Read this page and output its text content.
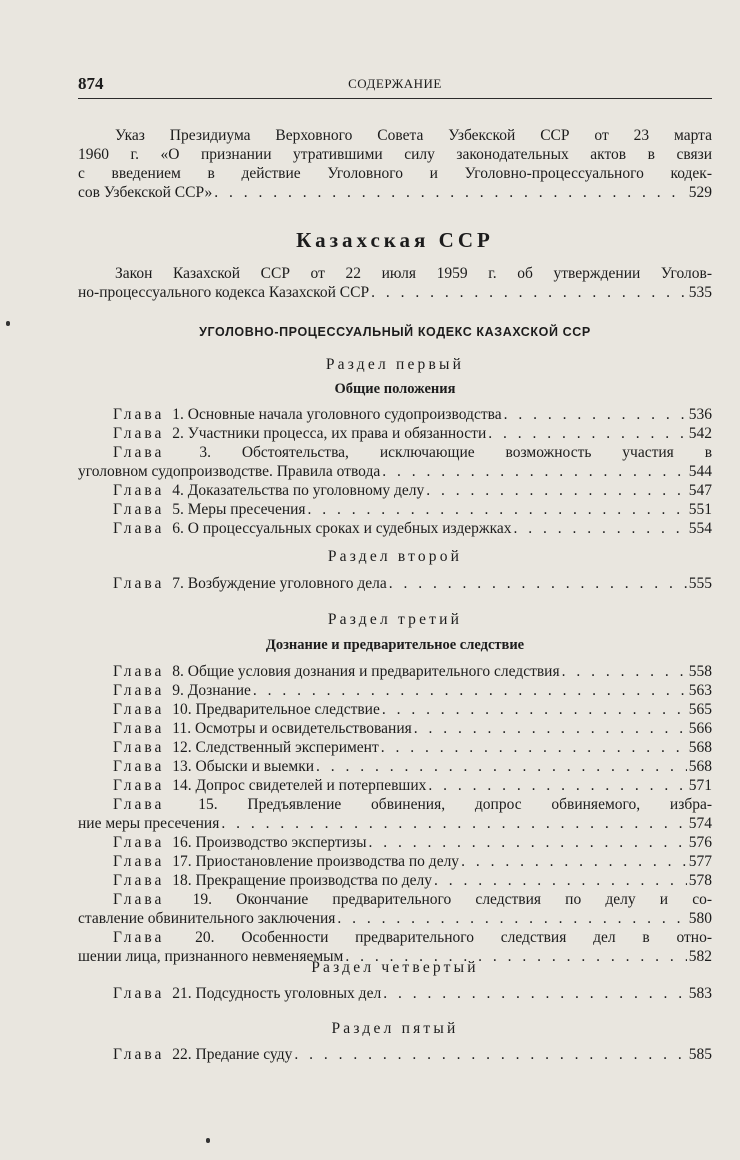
874	СОДЕРЖАНИЕ
Указ Президиума Верховного Совета Узбекской ССР от 23 марта
1960 г. «О признании утратившими силу законодательных актов в связи
с введением в действие Уголовного и Уголовно-процессуального кодек-
сов Узбекской ССР» . . .	529
Казахская ССР
Закон Казахской ССР от 22 июля 1959 г. об утверждении Уголов-
но-процессуального кодекса Казахской ССР . . .	535
УГОЛОВНО-ПРОЦЕССУАЛЬНЫЙ КОДЕКС КАЗАХСКОЙ ССР
Раздел первый
Общие положения
Глава 1. Основные начала уголовного судопроизводства . . .	536
Глава 2. Участники процесса, их права и обязанности . . .	542
Глава 3. Обстоятельства, исключающие возможность участия в
уголовном судопроизводстве. Правила отвода . . .	544
Глава 4. Доказательства по уголовному делу . . .	547
Глава 5. Меры пресечения . . .	551
Глава 6. О процессуальных сроках и судебных издержках . . .	554
Раздел второй
Глава 7. Возбуждение уголовного дела . . .	555
Раздел третий
Дознание и предварительное следствие
Глава 8. Общие условия дознания и предварительного следствия . . .	558
Глава 9. Дознание . . .	563
Глава 10. Предварительное следствие . . .	565
Глава 11. Осмотры и освидетельствования . . .	566
Глава 12. Следственный эксперимент . . .	568
Глава 13. Обыски и выемки . . .	568
Глава 14. Допрос свидетелей и потерпевших . . .	571
Глава 15. Предъявление обвинения, допрос обвиняемого, избра-
ние меры пресечения . . .	574
Глава 16. Производство экспертизы . . .	576
Глава 17. Приостановление производства по делу . . .	577
Глава 18. Прекращение производства по делу . . .	578
Глава 19. Окончание предварительного следствия по делу и со-
ставление обвинительного заключения . . .	580
Глава 20. Особенности предварительного следствия дел в отно-
шении лица, признанного невменяемым . . .	582
Раздел четвертый
Глава 21. Подсудность уголовных дел . . .	583
Раздел пятый
Глава 22. Предание суду . . .	585
